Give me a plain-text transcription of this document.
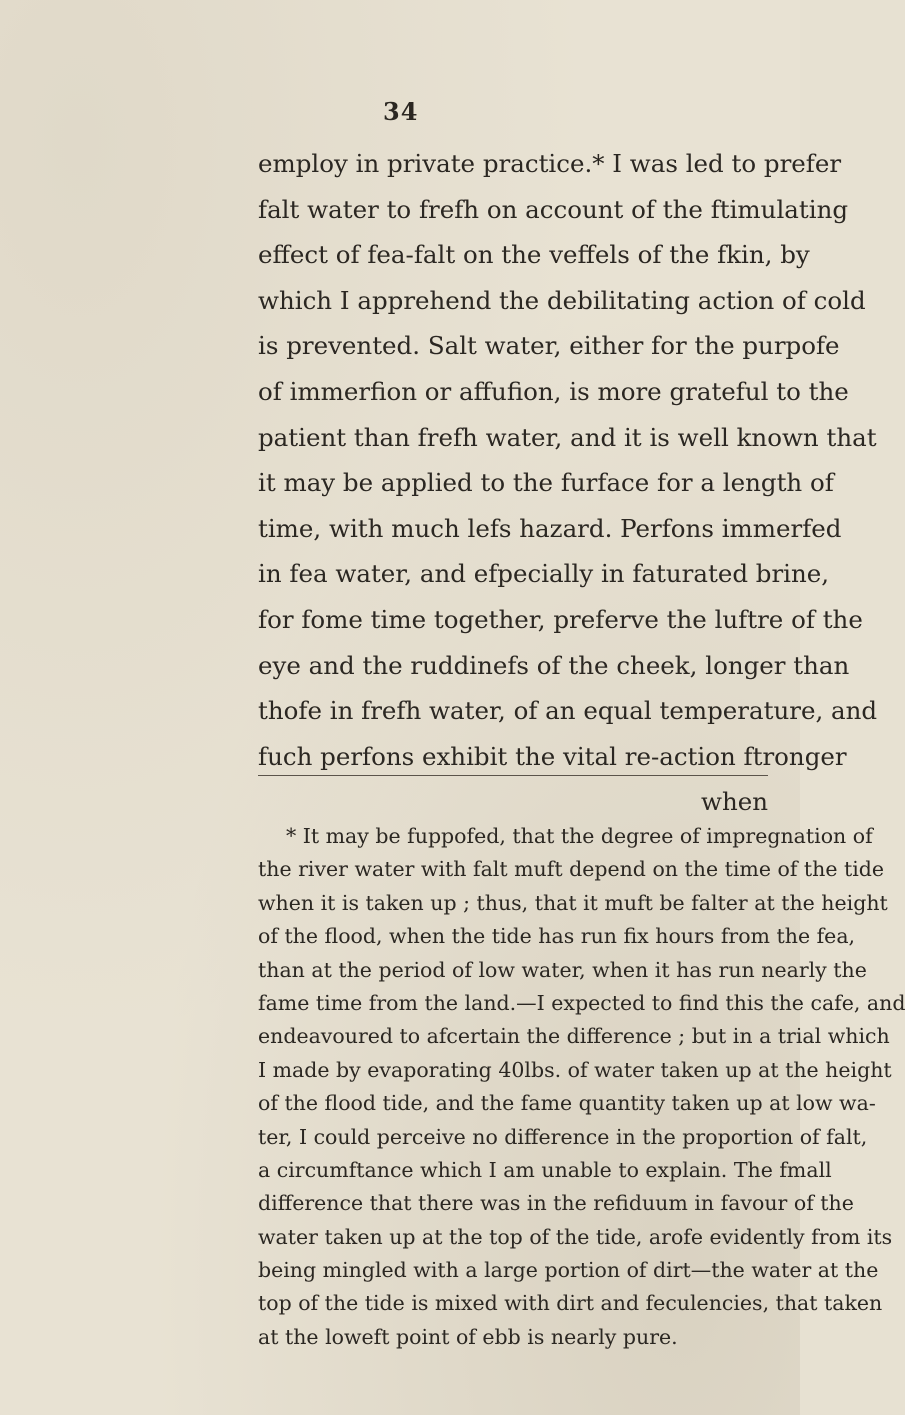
34
employ in private practice.* I was led to prefer
falt water to frefh on account of the ftimulating
effect of fea-falt on the veffels of the fkin, by
which I apprehend the debilitating action of cold
is prevented. Salt water, either for the purpofe
of immerfion or affufion, is more grateful to the
patient than frefh water, and it is well known that
it may be applied to the furface for a length of
time, with much lefs hazard. Perfons immerfed
in fea water, and efpecially in faturated brine,
for fome time together, preferve the luftre of the
eye and the ruddinefs of the cheek, longer than
thofe in frefh water, of an equal temperature, and
fuch perfons exhibit the vital re-action ftronger
when
* It may be fuppofed, that the degree of impregnation of
the river water with falt muft depend on the time of the tide
when it is taken up ; thus, that it muft be falter at the height
of the flood, when the tide has run fix hours from the fea,
than at the period of low water, when it has run nearly the
fame time from the land.—I expected to find this the cafe, and
endeavoured to afcertain the difference ; but in a trial which
I made by evaporating 40lbs. of water taken up at the height
of the flood tide, and the fame quantity taken up at low wa-
ter, I could perceive no difference in the proportion of falt,
a circumftance which I am unable to explain. The fmall
difference that there was in the refiduum in favour of the
water taken up at the top of the tide, arofe evidently from its
being mingled with a large portion of dirt—the water at the
top of the tide is mixed with dirt and feculencies, that taken
at the loweft point of ebb is nearly pure.
